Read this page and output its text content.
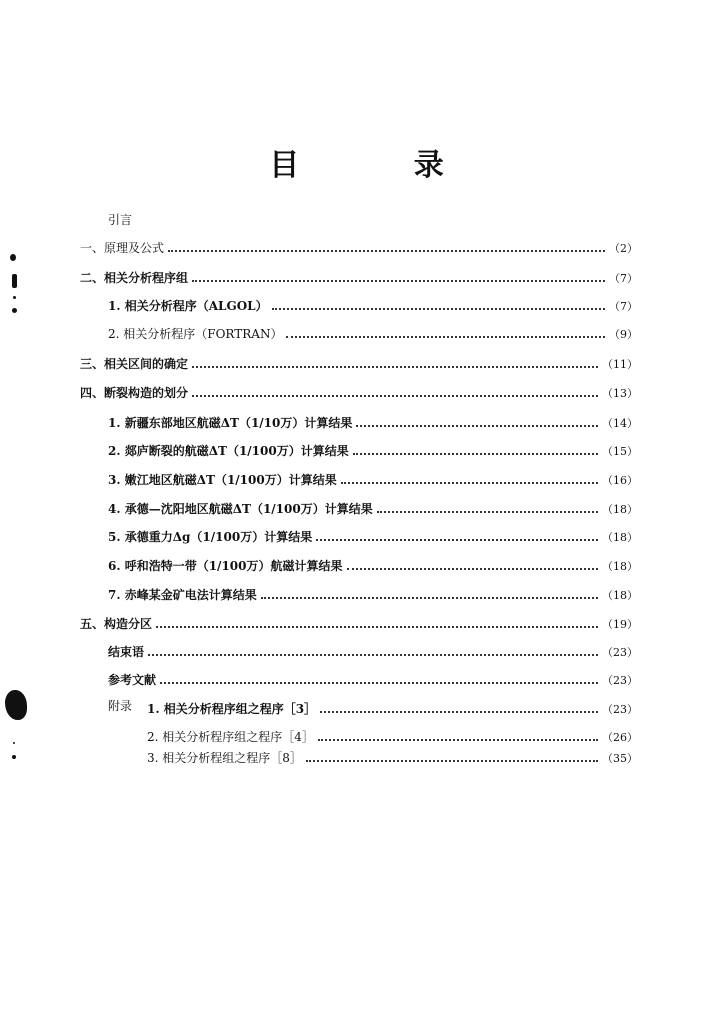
目 录
引言
一、原理及公式	（2）
二、相关分析程序组	（7）
1. 相关分析程序（ALGOL）	（7）
2. 相关分析程序（FORTRAN）	（9）
三、相关区间的确定	（11）
四、断裂构造的划分	（13）
1. 新疆东部地区航磁ΔT（1/10万）计算结果	（14）
2. 郯庐断裂的航磁ΔT（1/100万）计算结果	（15）
3. 嫩江地区航磁ΔT（1/100万）计算结果	（16）
4. 承德—沈阳地区航磁ΔT（1/100万）计算结果	（18）
5. 承德重力Δg（1/100万）计算结果	（18）
6. 呼和浩特一带（1/100万）航磁计算结果	（18）
7. 赤峰某金矿电法计算结果	（18）
五、构造分区	（19）
结束语	（23）
参考文献	（23）
附录 1. 相关分析程序组之程序［3］	（23）
2. 相关分析程序组之程序［4］	（26）
3. 相关分析程组之程序［8］	（35）
